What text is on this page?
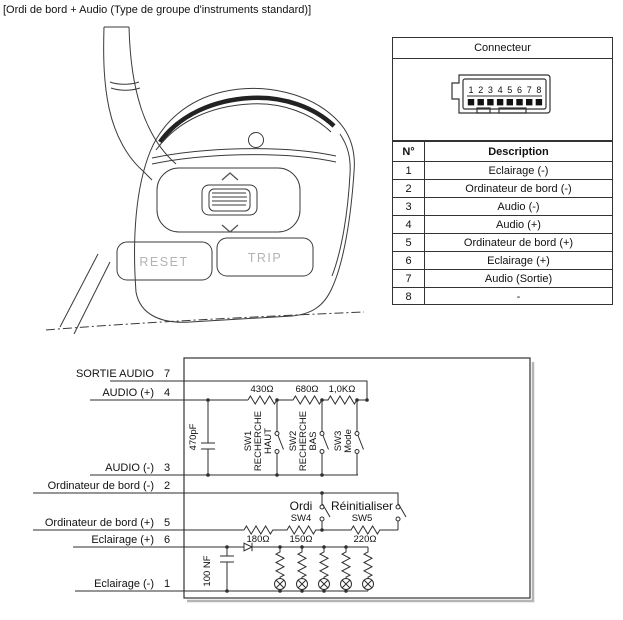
[Ordi de bord + Audio (Type de groupe d'instruments standard)]
RESET	TRIP
Connecteur
1 2 3 4 5 6 7 8
N°	Description
1	Eclairage (-)
2	Ordinateur de bord (-)
3	Audio (-)
4	Audio (+)
5	Ordinateur de bord (+)
6	Eclairage (+)
7	Audio (Sortie)
8	-
SORTIE AUDIO 7
AUDIO (+) 4
AUDIO (-) 3
Ordinateur de bord (-) 2
Ordinateur de bord (+) 5
Eclairage (+) 6
Eclairage (-) 1
430Ω 680Ω 1,0KΩ
470pF	SW1 RECHERCHE HAUT SW2 RECHERCHE BAS SW3 Mode
Ordi
SW4
Réinitialiser
SW5
180Ω 150Ω	220Ω
100 NF
